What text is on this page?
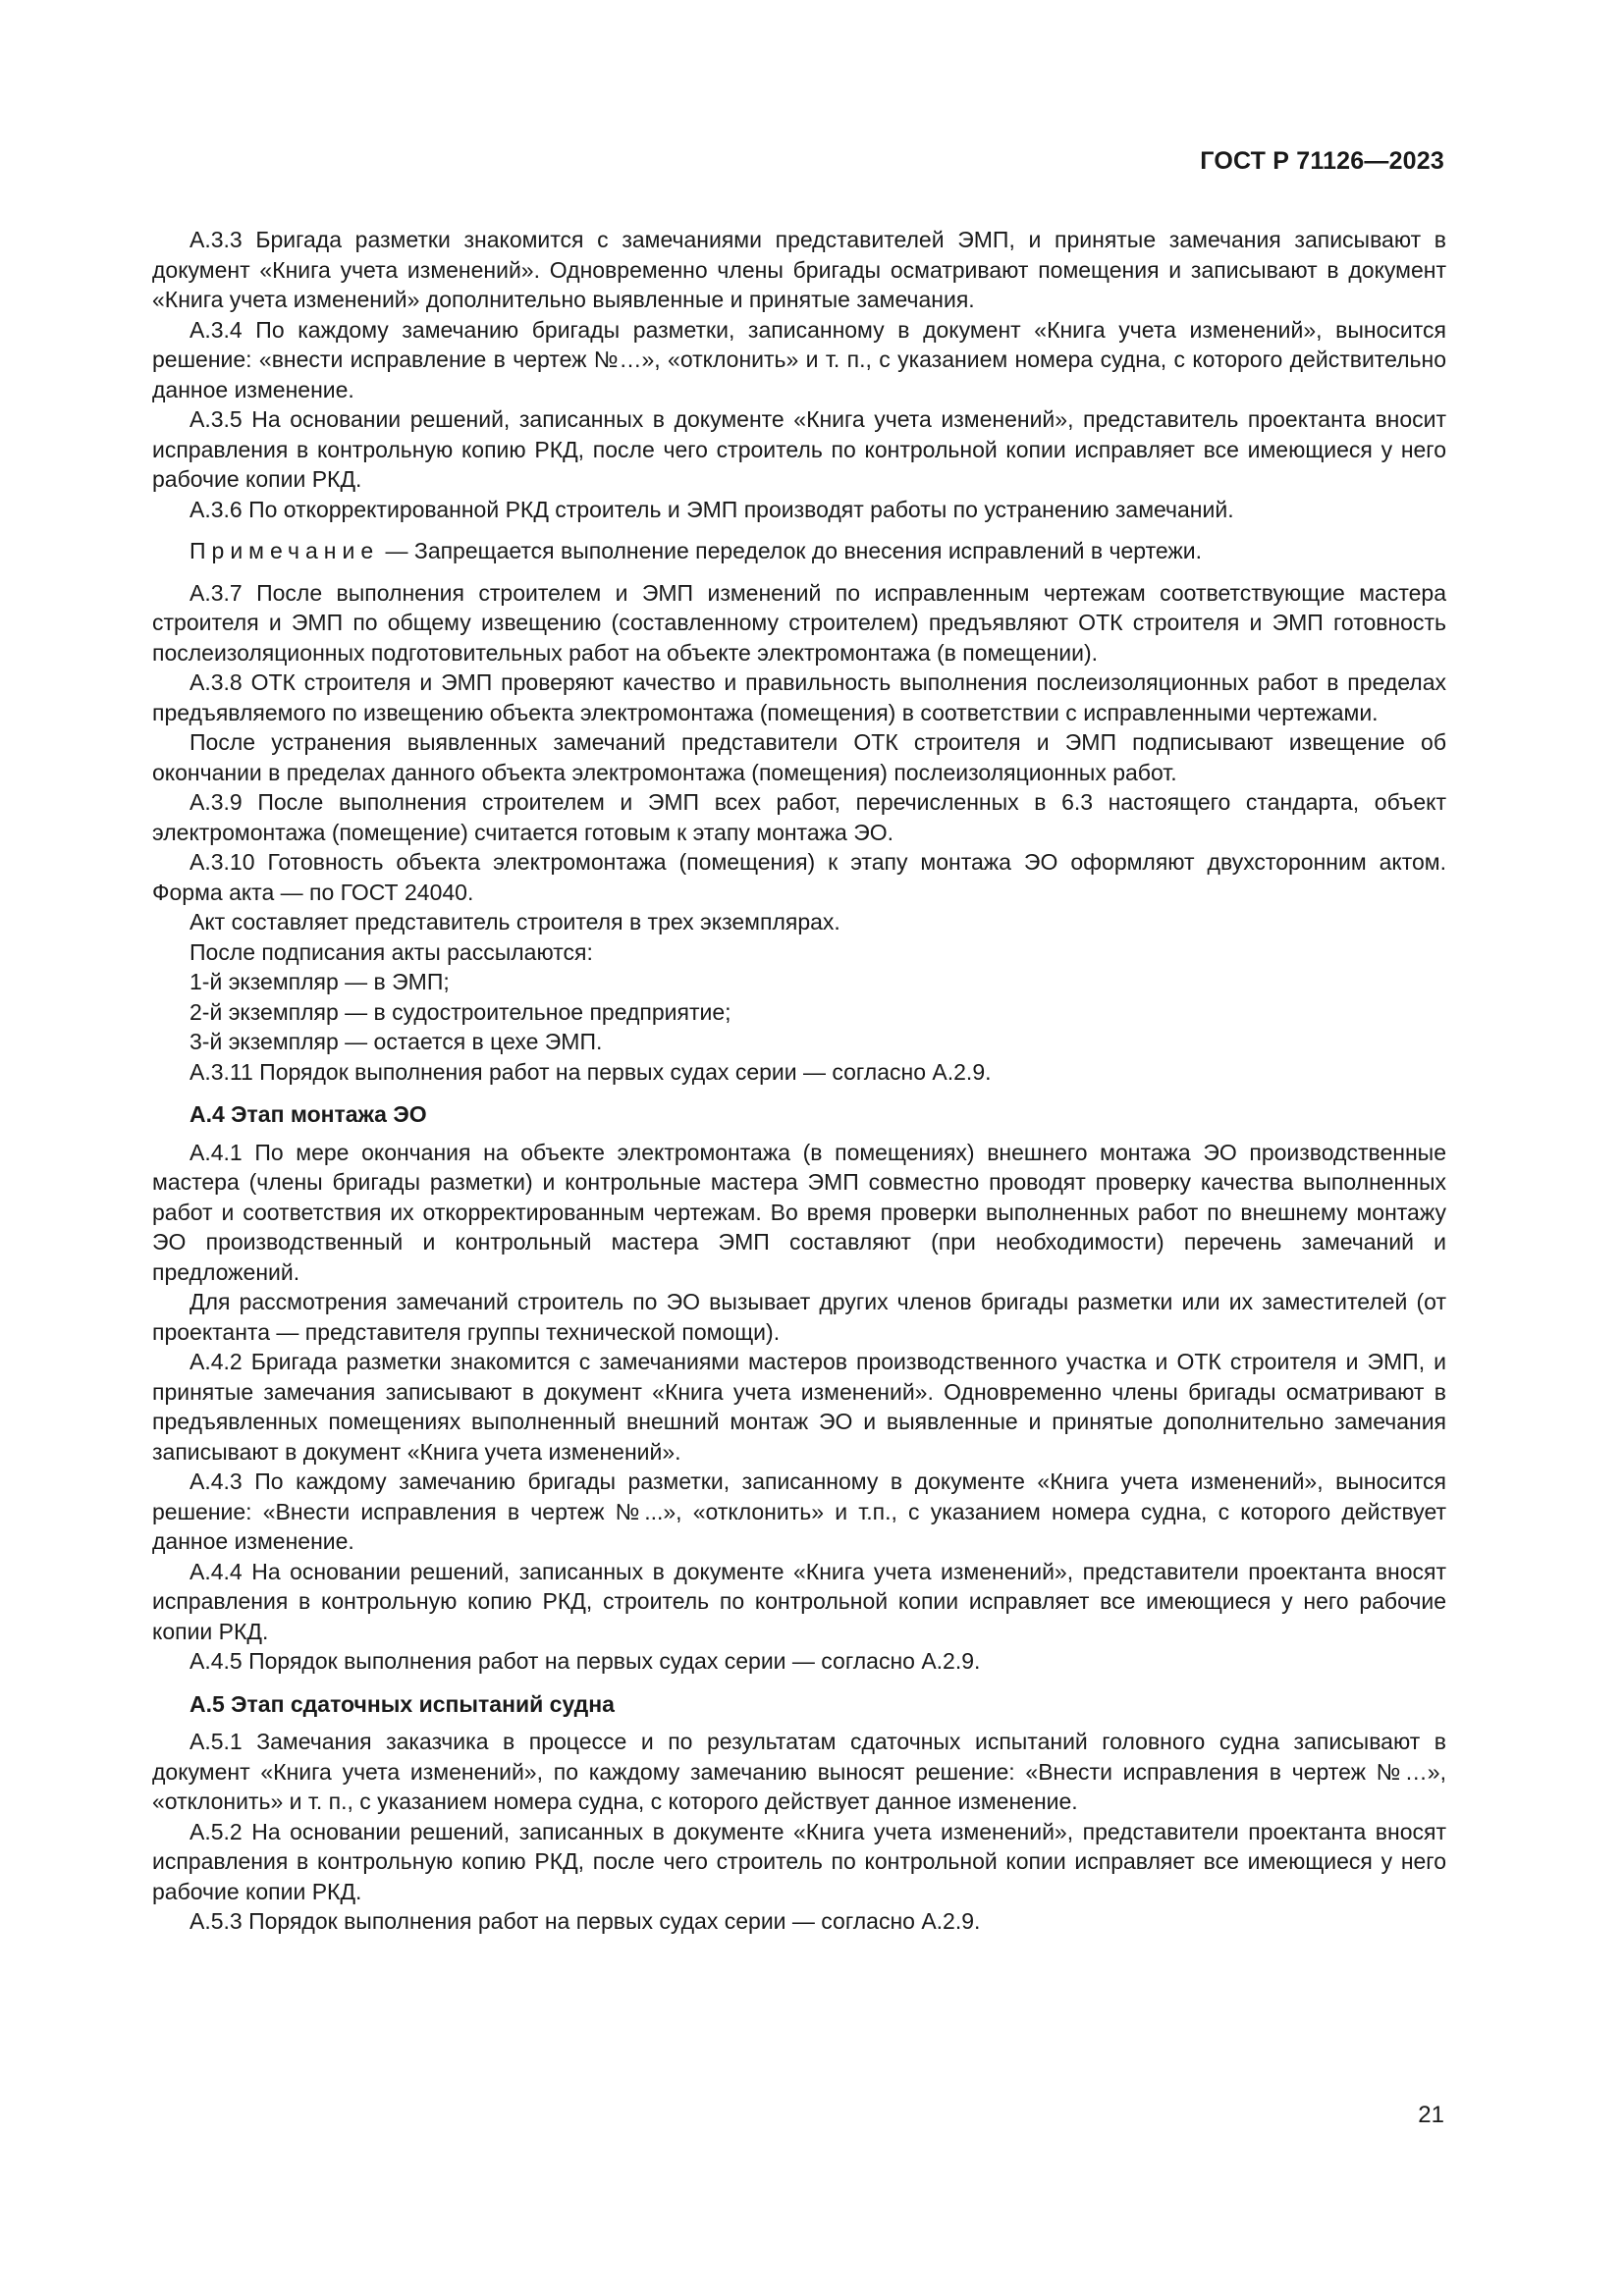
ГОСТ Р 71126—2023

А.3.3 Бригада разметки знакомится с замечаниями представителей ЭМП, и принятые замечания записывают в документ «Книга учета изменений». Одновременно члены бригады осматривают помещения и записывают в документ «Книга учета изменений» дополнительно выявленные и принятые замечания.

А.3.4 По каждому замечанию бригады разметки, записанному в документ «Книга учета изменений», выносится решение: «внести исправление в чертеж №…», «отклонить» и т. п., с указанием номера судна, с которого действительно данное изменение.

А.3.5 На основании решений, записанных в документе «Книга учета изменений», представитель проектанта вносит исправления в контрольную копию РКД, после чего строитель по контрольной копии исправляет все имеющиеся у него рабочие копии РКД.

А.3.6 По откорректированной РКД строитель и ЭМП производят работы по устранению замечаний.

Примечание — Запрещается выполнение переделок до внесения исправлений в чертежи.

А.3.7 После выполнения строителем и ЭМП изменений по исправленным чертежам соответствующие мастера строителя и ЭМП по общему извещению (составленному строителем) предъявляют ОТК строителя и ЭМП готовность послеизоляционных подготовительных работ на объекте электромонтажа (в помещении).

А.3.8 ОТК строителя и ЭМП проверяют качество и правильность выполнения послеизоляционных работ в пределах предъявляемого по извещению объекта электромонтажа (помещения) в соответствии с исправленными чертежами.

После устранения выявленных замечаний представители ОТК строителя и ЭМП подписывают извещение об окончании в пределах данного объекта электромонтажа (помещения) послеизоляционных работ.

А.3.9 После выполнения строителем и ЭМП всех работ, перечисленных в 6.3 настоящего стандарта, объект электромонтажа (помещение) считается готовым к этапу монтажа ЭО.

А.3.10 Готовность объекта электромонтажа (помещения) к этапу монтажа ЭО оформляют двухсторонним актом. Форма акта — по ГОСТ 24040.

Акт составляет представитель строителя в трех экземплярах.

После подписания акты рассылаются:

1-й экземпляр — в ЭМП;

2-й экземпляр — в судостроительное предприятие;

3-й экземпляр — остается в цехе ЭМП.

А.3.11 Порядок выполнения работ на первых судах серии — согласно А.2.9.

А.4 Этап монтажа ЭО

А.4.1 По мере окончания на объекте электромонтажа (в помещениях) внешнего монтажа ЭО производственные мастера (члены бригады разметки) и контрольные мастера ЭМП совместно проводят проверку качества выполненных работ и соответствия их откорректированным чертежам. Во время проверки выполненных работ по внешнему монтажу ЭО производственный и контрольный мастера ЭМП составляют (при необходимости) перечень замечаний и предложений.

Для рассмотрения замечаний строитель по ЭО вызывает других членов бригады разметки или их заместителей (от проектанта — представителя группы технической помощи).

А.4.2 Бригада разметки знакомится с замечаниями мастеров производственного участка и ОТК строителя и ЭМП, и принятые замечания записывают в документ «Книга учета изменений». Одновременно члены бригады осматривают в предъявленных помещениях выполненный внешний монтаж ЭО и выявленные и принятые дополнительно замечания записывают в документ «Книга учета изменений».

А.4.3 По каждому замечанию бригады разметки, записанному в документе «Книга учета изменений», выносится решение: «Внести исправления в чертеж №...», «отклонить» и т.п., с указанием номера судна, с которого действует данное изменение.

А.4.4 На основании решений, записанных в документе «Книга учета изменений», представители проектанта вносят исправления в контрольную копию РКД, строитель по контрольной копии исправляет все имеющиеся у него рабочие копии РКД.

А.4.5 Порядок выполнения работ на первых судах серии — согласно А.2.9.

А.5 Этап сдаточных испытаний судна

А.5.1 Замечания заказчика в процессе и по результатам сдаточных испытаний головного судна записывают в документ «Книга учета изменений», по каждому замечанию выносят решение: «Внести исправления в чертеж №…», «отклонить» и т. п., с указанием номера судна, с которого действует данное изменение.

А.5.2 На основании решений, записанных в документе «Книга учета изменений», представители проектанта вносят исправления в контрольную копию РКД, после чего строитель по контрольной копии исправляет все имеющиеся у него рабочие копии РКД.

А.5.3 Порядок выполнения работ на первых судах серии — согласно А.2.9.

21
